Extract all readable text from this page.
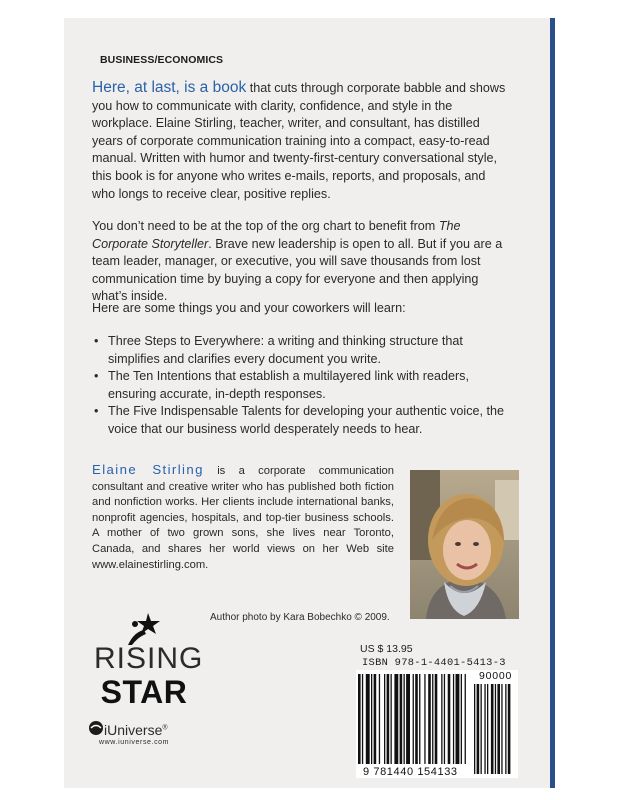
BUSINESS/ECONOMICS

Here, at last, is a book that cuts through corporate babble and shows you how to communicate with clarity, confidence, and style in the workplace. Elaine Stirling, teacher, writer, and consultant, has distilled years of corporate communication training into a compact, easy-to-read manual. Written with humor and twenty-first-century conversational style, this book is for anyone who writes e-mails, reports, and proposals, and who longs to receive clear, positive replies.

You don’t need to be at the top of the org chart to benefit from The Corporate Storyteller. Brave new leadership is open to all. But if you are a team leader, manager, or executive, you will save thousands from lost communication time by buying a copy for everyone and then applying what’s inside.

Here are some things you and your coworkers will learn:

• Three Steps to Everywhere: a writing and thinking structure that simplifies and clarifies every document you write.
• The Ten Intentions that establish a multilayered link with readers, ensuring accurate, in-depth responses.
• The Five Indispensable Talents for developing your authentic voice, the voice that our business world desperately needs to hear.

Elaine Stirling is a corporate communication consultant and creative writer who has published both fiction and nonfiction works. Her clients include international banks, nonprofit agencies, hospitals, and top-tier business schools. A mother of two grown sons, she lives near Toronto, Canada, and shares her world views on her Web site www.elainestirling.com.

Author photo by Kara Bobechko © 2009.
RISING
STAR
iUniverse®
www.iuniverse.com
US $ 13.95
ISBN 978-1-4401-5413-3
9 781440 154133
90000
